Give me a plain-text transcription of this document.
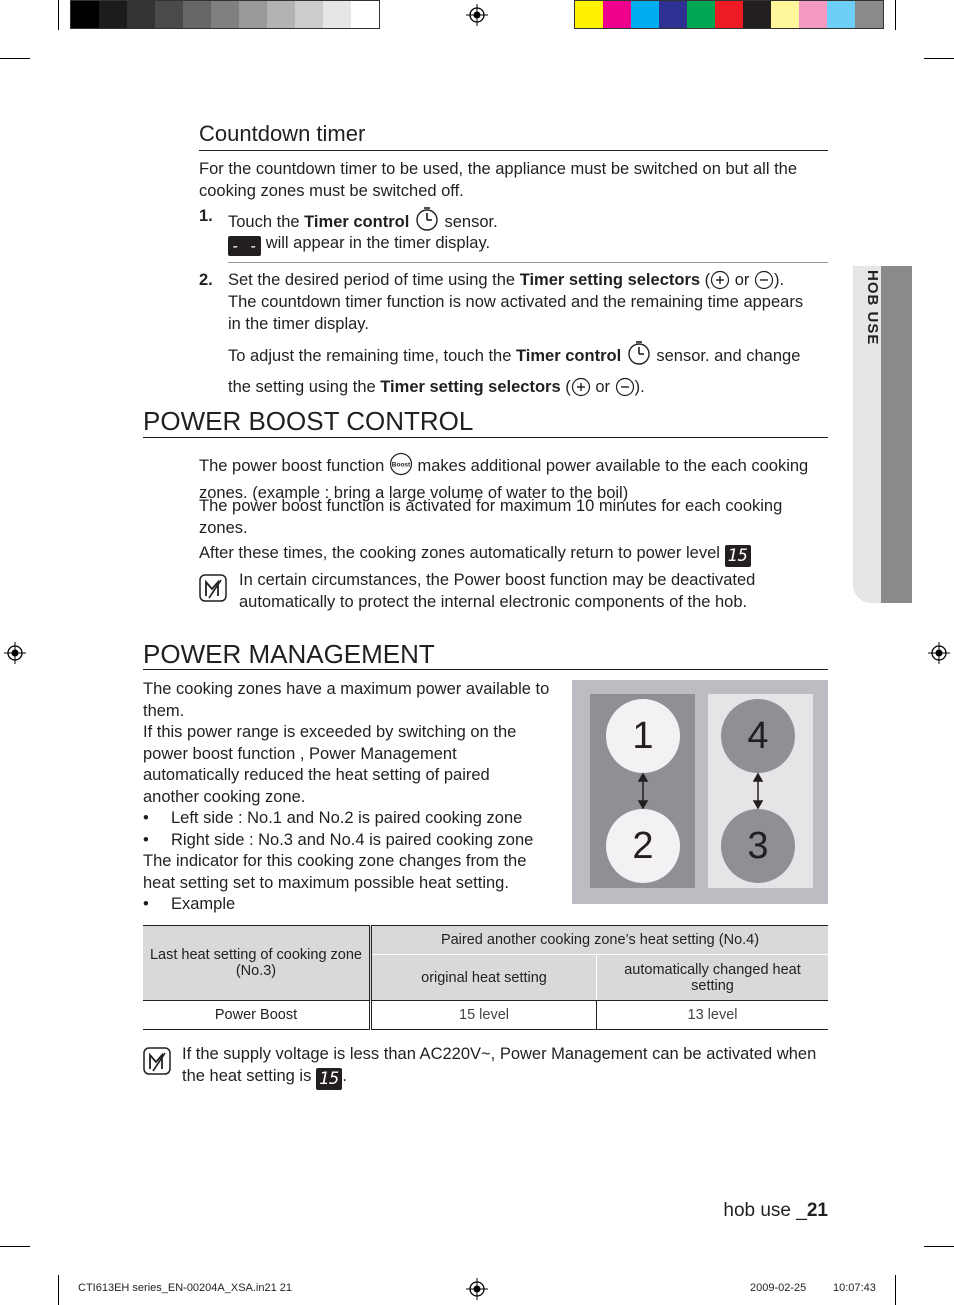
HOB USE
Countdown timer
For the countdown timer to be used, the appliance must be switched on but all the cooking zones must be switched off.
1. Touch the Timer control sensor.
- - will appear in the timer display.
2. Set the desired period of time using the Timer setting selectors ( or ).
The countdown timer function is now activated and the remaining time appears in the timer display.
To adjust the remaining time, touch the Timer control sensor. and change the setting using the Timer setting selectors ( or ).
POWER BOOST CONTROL
The power boost function Boost makes additional power available to the each cooking zones. (example : bring a large volume of water to the boil)
The power boost function is activated for maximum 10 minutes for each cooking zones.
After these times, the cooking zones automatically return to power level 15
In certain circumstances, the Power boost function may be deactivated automatically to protect the internal electronic components of the hob.
POWER MANAGEMENT
The cooking zones have a maximum power available to them.
If this power range is exceeded by switching on the power boost function , Power Management automatically reduced the heat setting of paired another cooking zone.
• Left side : No.1 and No.2 is paired cooking zone
• Right side : No.3 and No.4 is paired cooking zone
The indicator for this cooking zone changes from the heat setting set to maximum possible heat setting.
• Example
1
2
4
3
Last heat setting of cooking zone (No.3)	Paired another cooking zone’s heat setting (No.4)	
	original heat setting	automatically changed heat setting
Power Boost	15 level	13 level
If the supply voltage is less than AC220V~, Power Management can be activated when the heat setting is 15 .
hob use _21
CTI613EH series_EN-00204A_XSA.in21 21	2009-02-25 10:07:43
